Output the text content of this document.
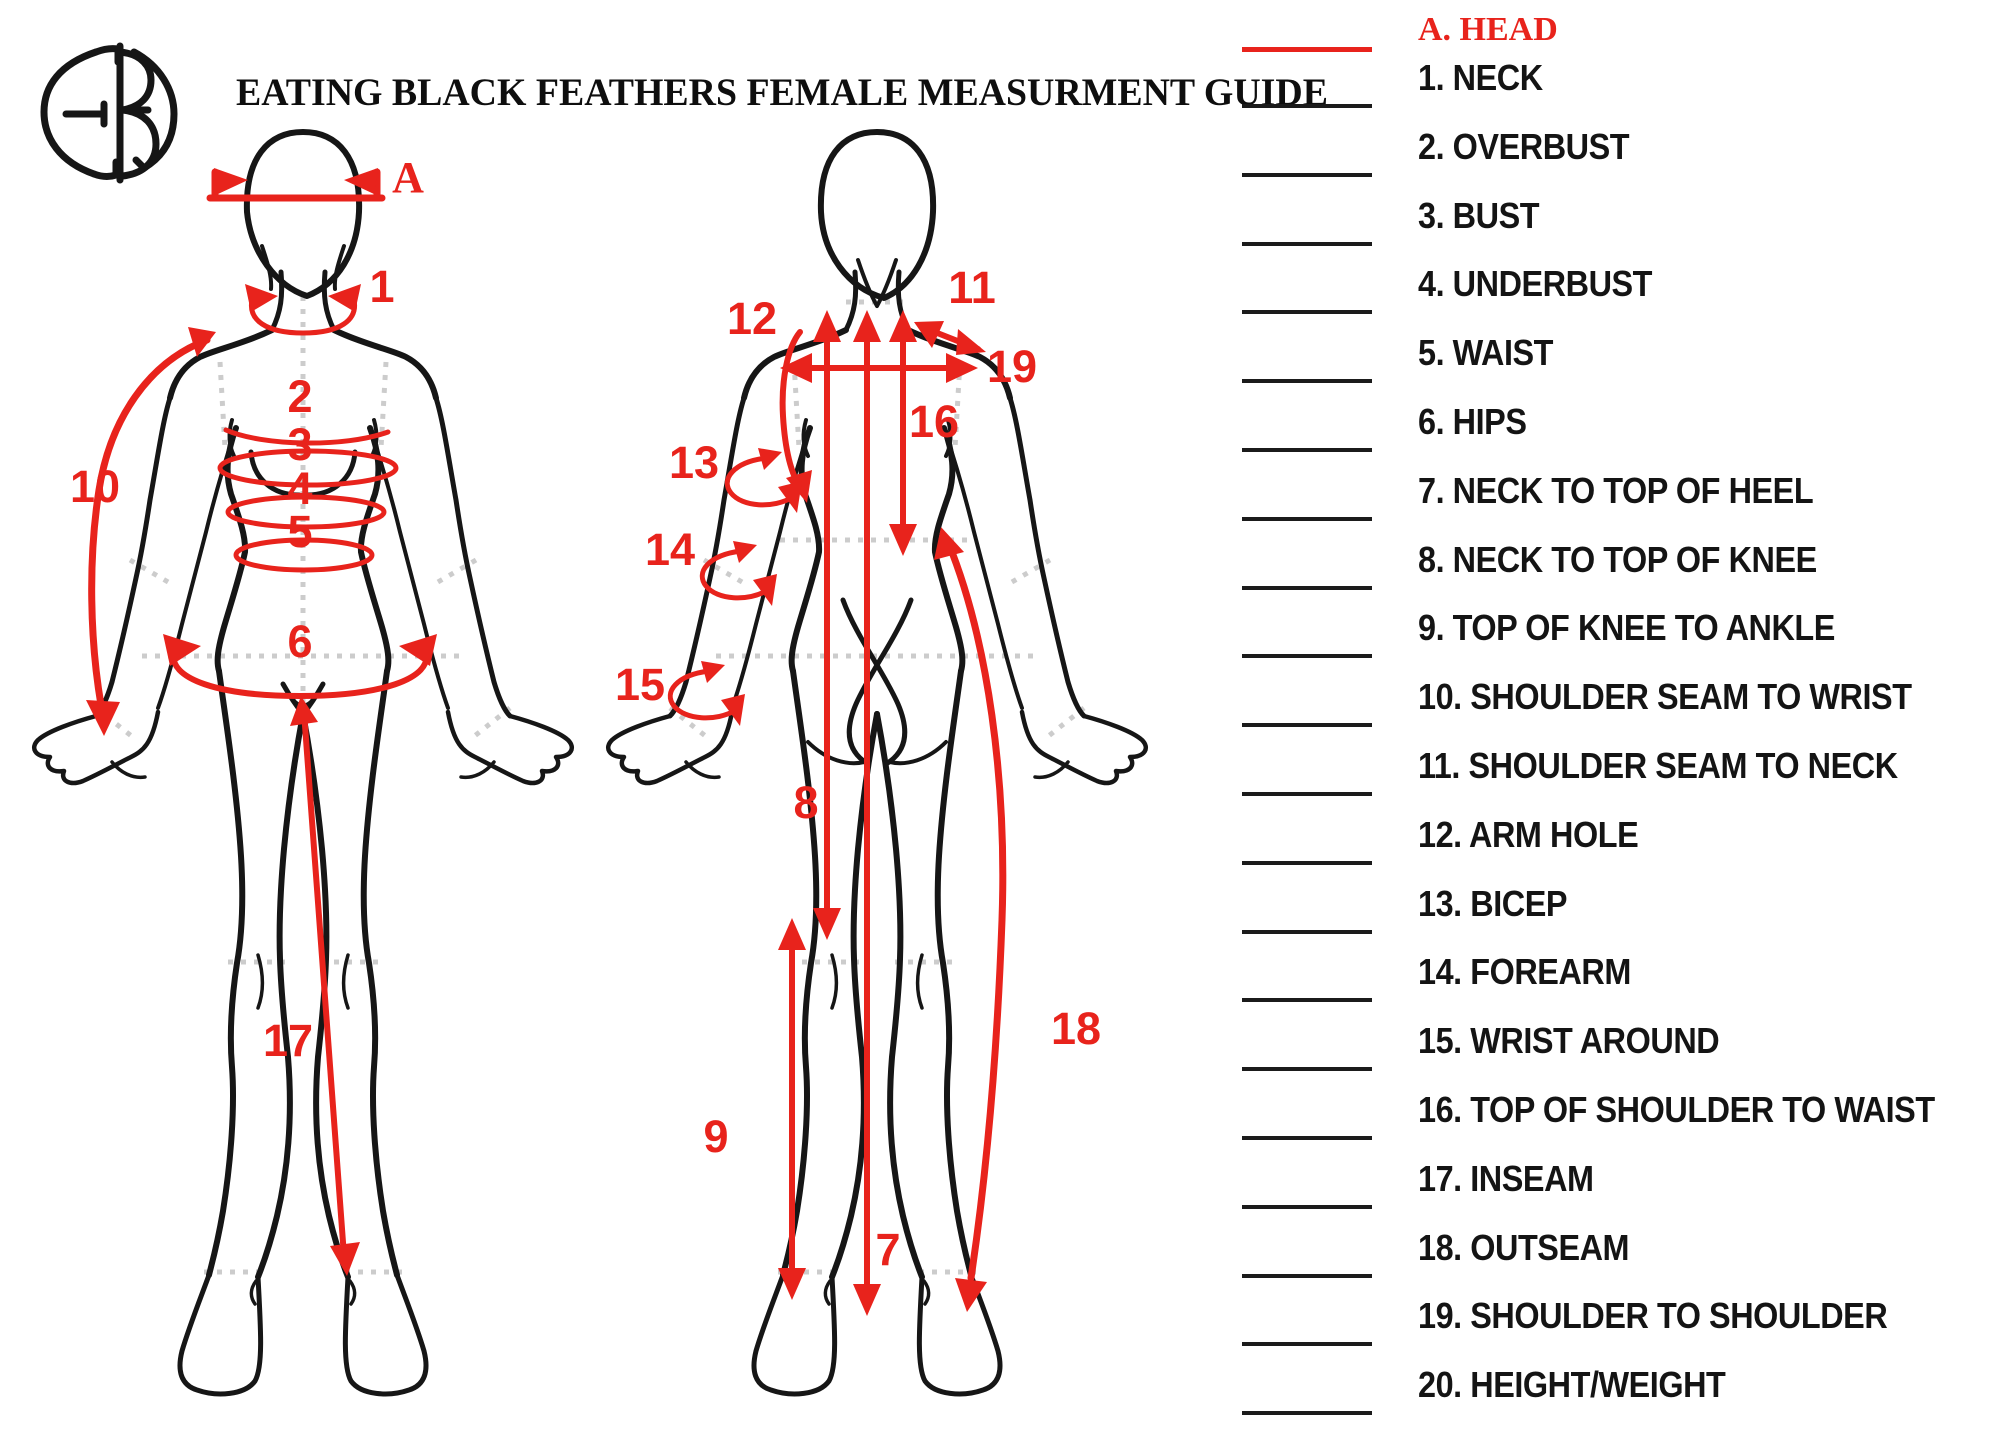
EATING BLACK FEATHERS FEMALE MEASURMENT GUIDE
A
1
2
3
4
5
6
7
8
9
10
11
12
13
14
15
16
17	18
19
A. HEAD
1. NECK
2. OVERBUST
3. BUST
4. UNDERBUST
5. WAIST
6. HIPS
7. NECK TO TOP OF HEEL
8. NECK TO TOP OF KNEE
9. TOP OF KNEE TO ANKLE
10. SHOULDER SEAM TO WRIST
11. SHOULDER SEAM TO NECK
12. ARM HOLE
13. BICEP
14. FOREARM
15. WRIST AROUND
16. TOP OF SHOULDER TO WAIST
17. INSEAM
18. OUTSEAM
19. SHOULDER TO SHOULDER
20. HEIGHT/WEIGHT
